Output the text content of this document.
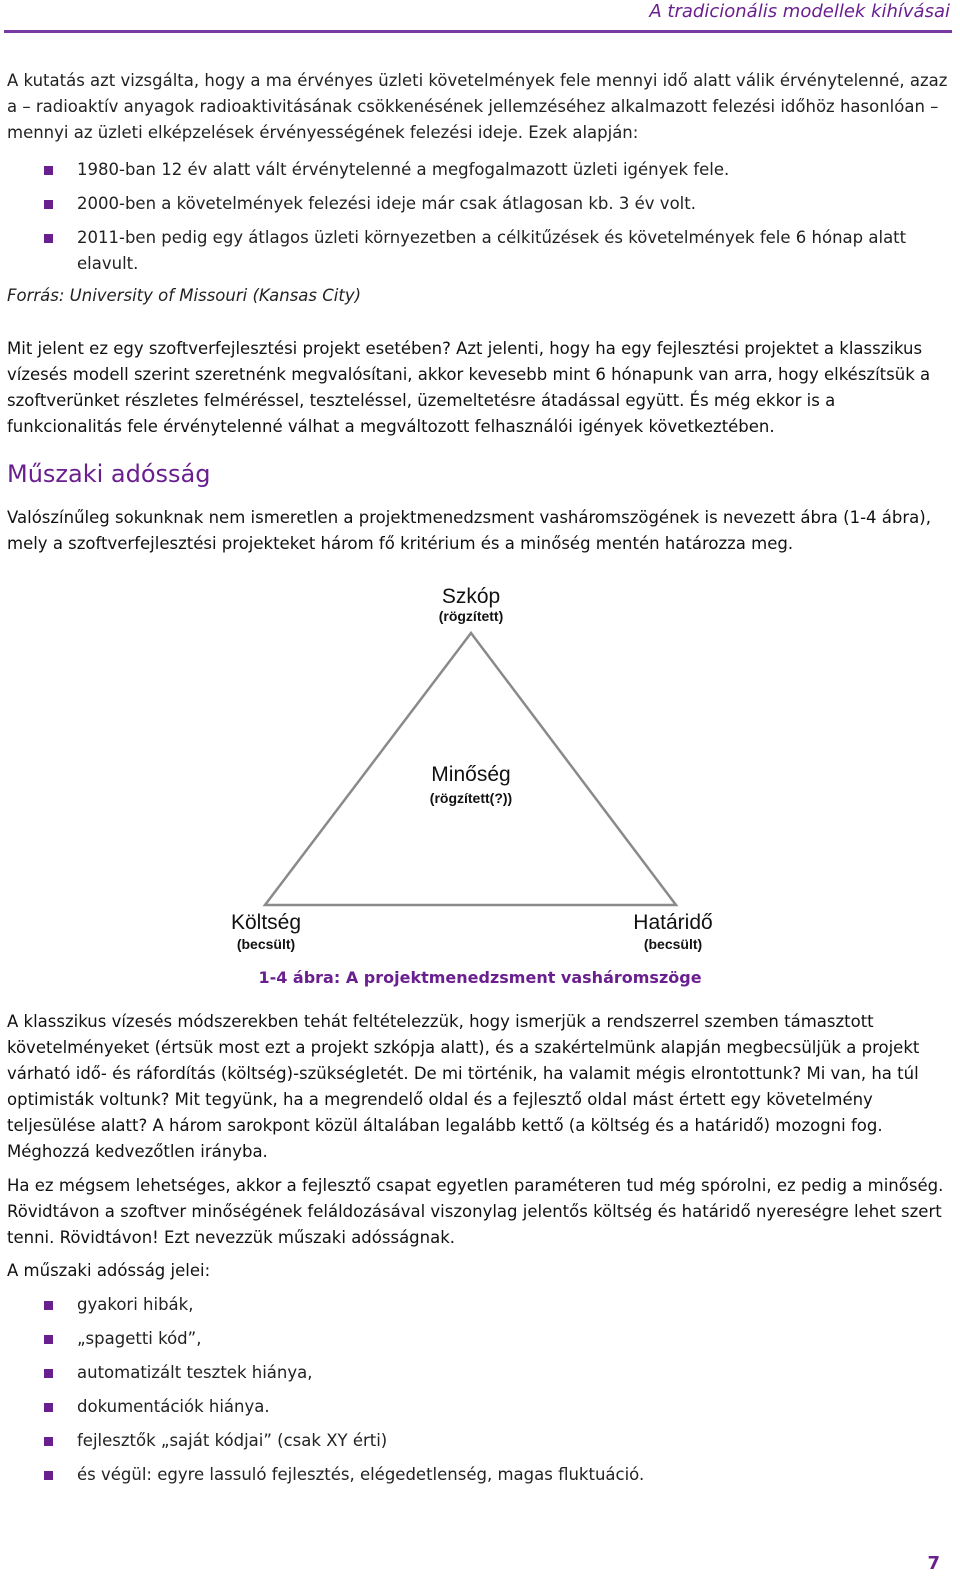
A tradicionális modellek kihívásai

A kutatás azt vizsgálta, hogy a ma érvényes üzleti követelmények fele mennyi idő alatt válik érvénytelenné, azaz a – radioaktív anyagok radioaktivitásának csökkenésének jellemzéséhez alkalmazott felezési időhöz hasonlóan – mennyi az üzleti elképzelések érvényességének felezési ideje. Ezek alapján:

1980-ban 12 év alatt vált érvénytelenné a megfogalmazott üzleti igények fele.
2000-ben a követelmények felezési ideje már csak átlagosan kb. 3 év volt.
2011-ben pedig egy átlagos üzleti környezetben a célkitűzések és követelmények fele 6 hónap alatt elavult.
Forrás: University of Missouri (Kansas City)

Mit jelent ez egy szoftverfejlesztési projekt esetében? Azt jelenti, hogy ha egy fejlesztési projektet a klasszikus vízesés modell szerint szeretnénk megvalósítani, akkor kevesebb mint 6 hónapunk van arra, hogy elkészítsük a szoftverünket részletes felméréssel, teszteléssel, üzemeltetésre átadással együtt. És még ekkor is a funkcionalitás fele érvénytelenné válhat a megváltozott felhasználói igények következtében.

Műszaki adósság

Valószínűleg sokunknak nem ismeretlen a projektmenedzsment vasháromszögének is nevezett ábra (1-4 ábra), mely a szoftverfejlesztési projekteket három fő kritérium és a minőség mentén határozza meg.

Szkóp
(rögzített)
Minőség
(rögzített(?))
Költség
(becsült)
Határidő
(becsült)
1-4 ábra: A projektmenedzsment vasháromszöge

A klasszikus vízesés módszerekben tehát feltételezzük, hogy ismerjük a rendszerrel szemben támasztott követelményeket (értsük most ezt a projekt szkópja alatt), és a szakértelmünk alapján megbecsüljük a projekt várható idő- és ráfordítás (költség)-szükségletét. De mi történik, ha valamit mégis elrontottunk? Mi van, ha túl optimisták voltunk? Mit tegyünk, ha a megrendelő oldal és a fejlesztő oldal mást értett egy követelmény teljesülése alatt? A három sarokpont közül általában legalább kettő (a költség és a határidő) mozogni fog. Méghozzá kedvezőtlen irányba.

Ha ez mégsem lehetséges, akkor a fejlesztő csapat egyetlen paraméteren tud még spórolni, ez pedig a minőség. Rövidtávon a szoftver minőségének feláldozásával viszonylag jelentős költség és határidő nyereségre lehet szert tenni. Rövidtávon! Ezt nevezzük műszaki adósságnak.

A műszaki adósság jelei:

gyakori hibák,
„spagetti kód”,
automatizált tesztek hiánya,
dokumentációk hiánya.
fejlesztők „saját kódjai” (csak XY érti)
és végül: egyre lassuló fejlesztés, elégedetlenség, magas fluktuáció.
7
